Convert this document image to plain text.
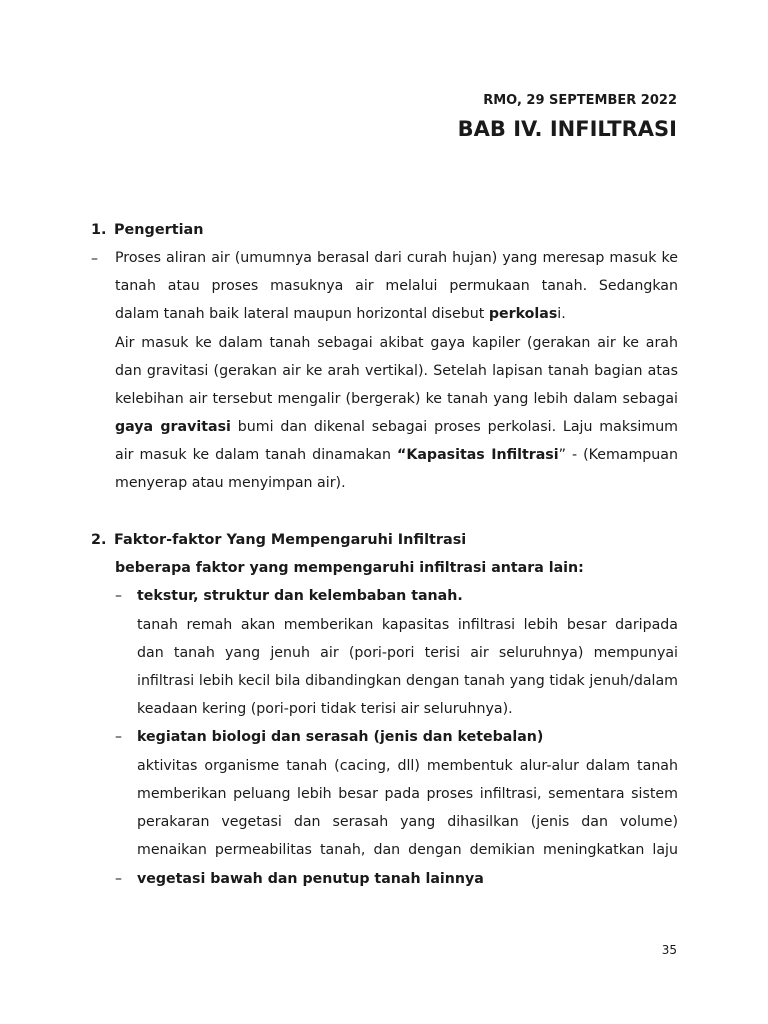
RMO, 29 SEPTEMBER 2022
BAB IV. INFILTRASI
1. Pengertian
– Proses aliran air (umumnya berasal dari curah hujan) yang meresap masuk ke
tanah atau proses masuknya air melalui permukaan tanah. Sedangkan
dalam tanah baik lateral maupun horizontal disebut perkolasi.
Air masuk ke dalam tanah sebagai akibat gaya kapiler (gerakan air ke arah
dan gravitasi (gerakan air ke arah vertikal). Setelah lapisan tanah bagian atas
kelebihan air tersebut mengalir (bergerak) ke tanah yang lebih dalam sebagai
gaya gravitasi bumi dan dikenal sebagai proses perkolasi. Laju maksimum
air masuk ke dalam tanah dinamakan “Kapasitas Infiltrasi” - (Kemampuan
menyerap atau menyimpan air).
2. Faktor-faktor Yang Mempengaruhi Infiltrasi
beberapa faktor yang mempengaruhi infiltrasi antara lain:
– tekstur, struktur dan kelembaban tanah.
tanah remah akan memberikan kapasitas infiltrasi lebih besar daripada
dan tanah yang jenuh air (pori-pori terisi air seluruhnya) mempunyai
infiltrasi lebih kecil bila dibandingkan dengan tanah yang tidak jenuh/dalam
keadaan kering (pori-pori tidak terisi air seluruhnya).
– kegiatan biologi dan serasah (jenis dan ketebalan)
aktivitas organisme tanah (cacing, dll) membentuk alur-alur dalam tanah
memberikan peluang lebih besar pada proses infiltrasi, sementara sistem
perakaran vegetasi dan serasah yang dihasilkan (jenis dan volume)
menaikan permeabilitas tanah, dan dengan demikian meningkatkan laju
– vegetasi bawah dan penutup tanah lainnya
35
